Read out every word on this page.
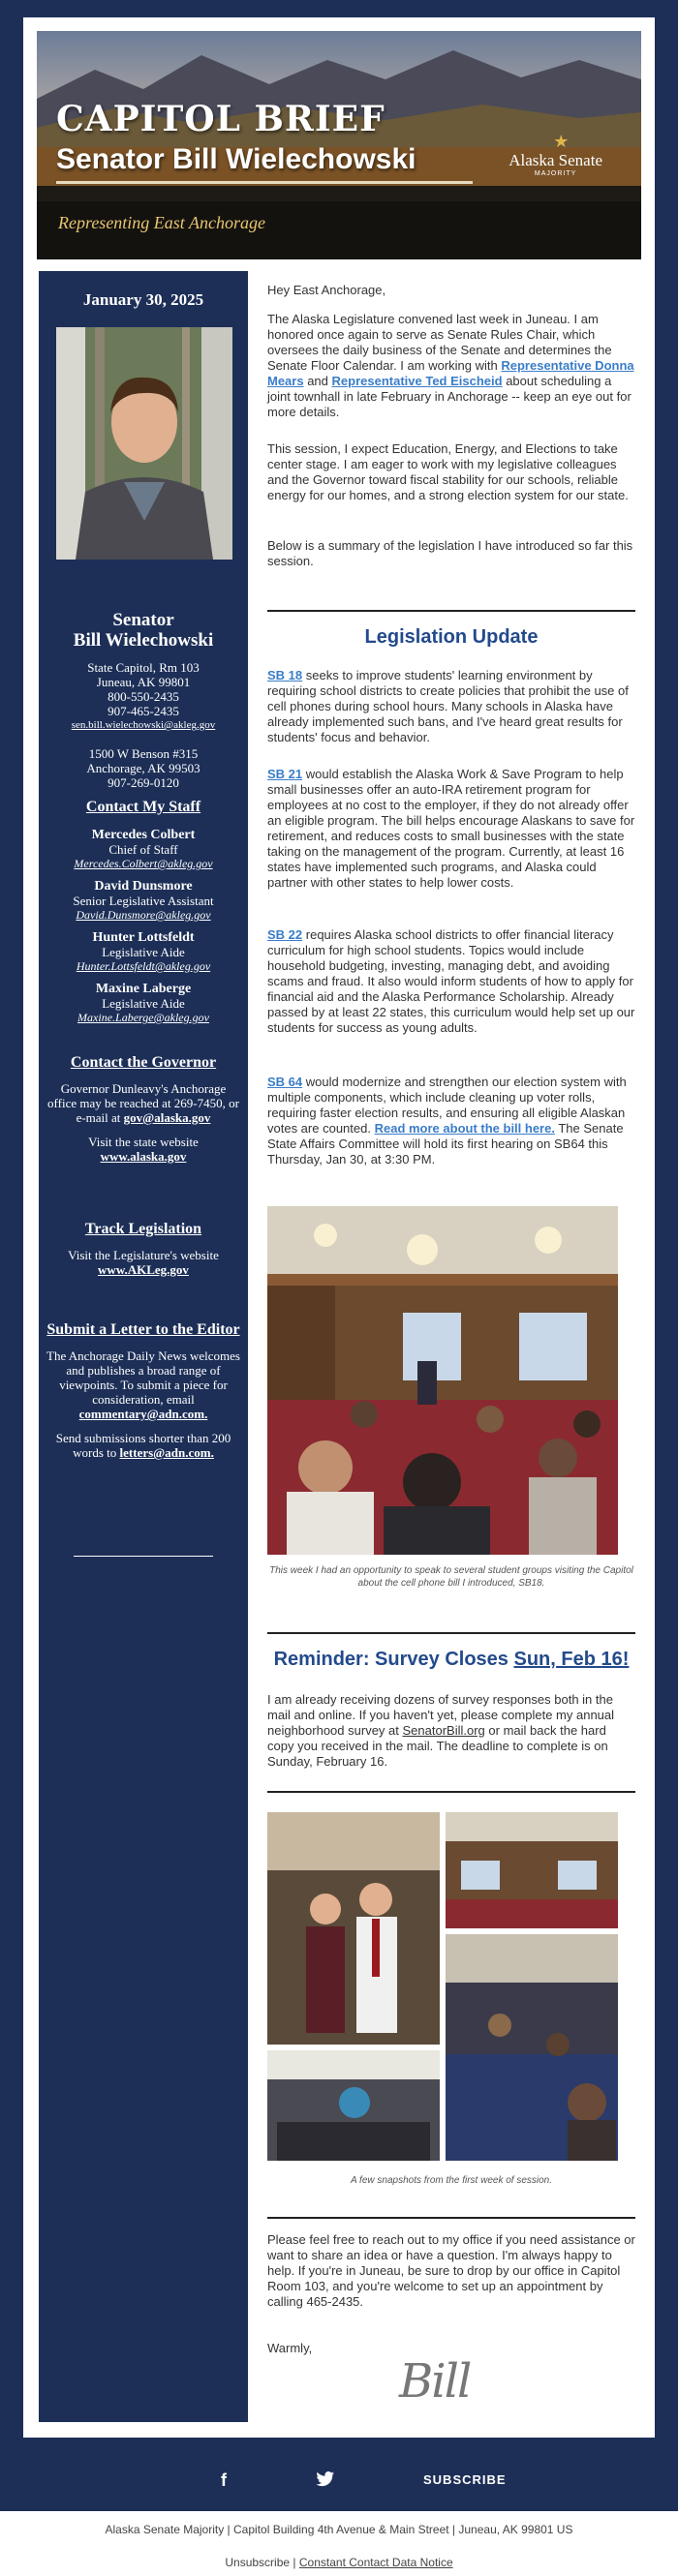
CAPITOL BRIEF
Senator Bill Wielechowski
Representing East Anchorage
★
Alaska Senate
MAJORITY
January 30, 2025
Senator
Bill Wielechowski
State Capitol, Rm 103
Juneau, AK 99801
800-550-2435
907-465-2435
sen.bill.wielechowski@akleg.gov
1500 W Benson #315
Anchorage, AK 99503
907-269-0120
Contact My Staff
Mercedes Colbert
Chief of Staff
Mercedes.Colbert@akleg.gov
David Dunsmore
Senior Legislative Assistant
David.Dunsmore@akleg.gov
Hunter Lottsfeldt
Legislative Aide
Hunter.Lottsfeldt@akleg.gov
Maxine Laberge
Legislative Aide
Maxine.Laberge@akleg.gov
Contact the Governor
Governor Dunleavy's Anchorage office may be reached at 269-7450, or e-mail at gov@alaska.gov
Visit the state website
www.alaska.gov
Track Legislation
Visit the Legislature's website
www.AKLeg.gov
Submit a Letter to the Editor
The Anchorage Daily News welcomes and publishes a broad range of viewpoints. To submit a piece for consideration, email commentary@adn.com.
Send submissions shorter than 200 words to letters@adn.com.

Hey East Anchorage,

The Alaska Legislature convened last week in Juneau. I am honored once again to serve as Senate Rules Chair, which oversees the daily business of the Senate and determines the Senate Floor Calendar. I am working with Representative Donna Mears and Representative Ted Eischeid about scheduling a joint townhall in late February in Anchorage -- keep an eye out for more details.

This session, I expect Education, Energy, and Elections to take center stage. I am eager to work with my legislative colleagues and the Governor toward fiscal stability for our schools, reliable energy for our homes, and a strong election system for our state.

Below is a summary of the legislation I have introduced so far this session.

Legislation Update

SB 18 seeks to improve students' learning environment by requiring school districts to create policies that prohibit the use of cell phones during school hours. Many schools in Alaska have already implemented such bans, and I've heard great results for students' focus and behavior.

SB 21 would establish the Alaska Work & Save Program to help small businesses offer an auto-IRA retirement program for employees at no cost to the employer, if they do not already offer an eligible program. The bill helps encourage Alaskans to save for retirement, and reduces costs to small businesses with the state taking on the management of the program. Currently, at least 16 states have implemented such programs, and Alaska could partner with other states to help lower costs.

SB 22 requires Alaska school districts to offer financial literacy curriculum for high school students. Topics would include household budgeting, investing, managing debt, and avoiding scams and fraud. It also would inform students of how to apply for financial aid and the Alaska Performance Scholarship. Already passed by at least 22 states, this curriculum would help set up our students for success as young adults.

SB 64 would modernize and strengthen our election system with multiple components, which include cleaning up voter rolls, requiring faster election results, and ensuring all eligible Alaskan votes are counted. Read more about the bill here. The Senate State Affairs Committee will hold its first hearing on SB64 this Thursday, Jan 30, at 3:30 PM.

This week I had an opportunity to speak to several student groups visiting the Capitol about the cell phone bill I introduced, SB18.
Reminder: Survey Closes Sun, Feb 16!

I am already receiving dozens of survey responses both in the mail and online. If you haven't yet, please complete my annual neighborhood survey at SenatorBill.org or mail back the hard copy you received in the mail. The deadline to complete is on Sunday, February 16.

A few snapshots from the first week of session.

Please feel free to reach out to my office if you need assistance or want to share an idea or have a question. I'm always happy to help. If you're in Juneau, be sure to drop by our office in Capitol Room 103, and you're welcome to set up an appointment by calling 465-2435.

Warmly,

Bill
f	SUBSCRIBE
Alaska Senate Majority | Capitol Building 4th Avenue & Main Street | Juneau, AK 99801 US
Unsubscribe | Constant Contact Data Notice
